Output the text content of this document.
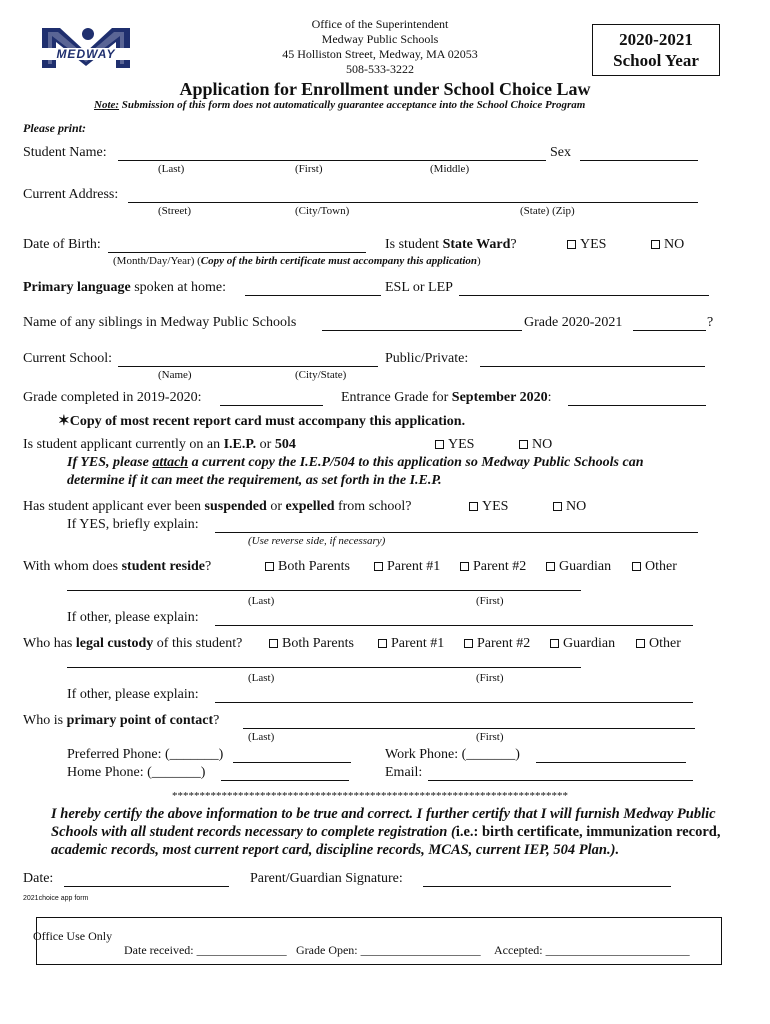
MEDWAY
Office of the Superintendent
Medway Public Schools
45 Holliston Street, Medway, MA 02053
508-533-3222
2020-2021
School Year
Application for Enrollment under School Choice Law
Note: Submission of this form does not automatically guarantee acceptance into the School Choice Program
Please print:
Student Name:	Sex
(Last)	(First)	(Middle)
Current Address:
(Street)	(City/Town)	(State) (Zip)
Date of Birth:	Is student State Ward?	YES	NO
(Month/Day/Year) (Copy of the birth certificate must accompany this application)
Primary language spoken at home:	ESL or LEP
Name of any siblings in Medway Public Schools	Grade 2020-2021	?
Current School:	Public/Private:
(Name)	(City/State)
Grade completed in 2019-2020:	Entrance Grade for September 2020:
✶Copy of most recent report card must accompany this application.
Is student applicant currently on an I.E.P. or 504	YES	NO
If YES, please attach a current copy the I.E.P/504 to this application so Medway Public Schools can
determine if it can meet the requirement, as set forth in the I.E.P.
Has student applicant ever been suspended or expelled from school?	YES	NO
If YES, briefly explain:
(Use reverse side, if necessary)
With whom does student reside?	Both Parents	Parent #1	Parent #2	Guardian	Other
(Last)	(First)
If other, please explain:
Who has legal custody of this student?	Both Parents	Parent #1	Parent #2	Guardian	Other
(Last)	(First)
If other, please explain:
Who is primary point of contact?
(Last)	(First)
Preferred Phone: (_______)	Work Phone: (_______)
Home Phone: (_______)	Email:
************************************************************************
I hereby certify the above information to be true and correct. I further certify that I will furnish Medway Public
Schools with all student records necessary to complete registration (i.e.: birth certificate, immunization record,
academic records, most current report card, discipline records, MCAS, current IEP, 504 Plan.).
Date:	Parent/Guardian Signature:
2021choice app form
Office Use Only
Date received: _______________ Grade Open: ____________________ Accepted: ________________________
